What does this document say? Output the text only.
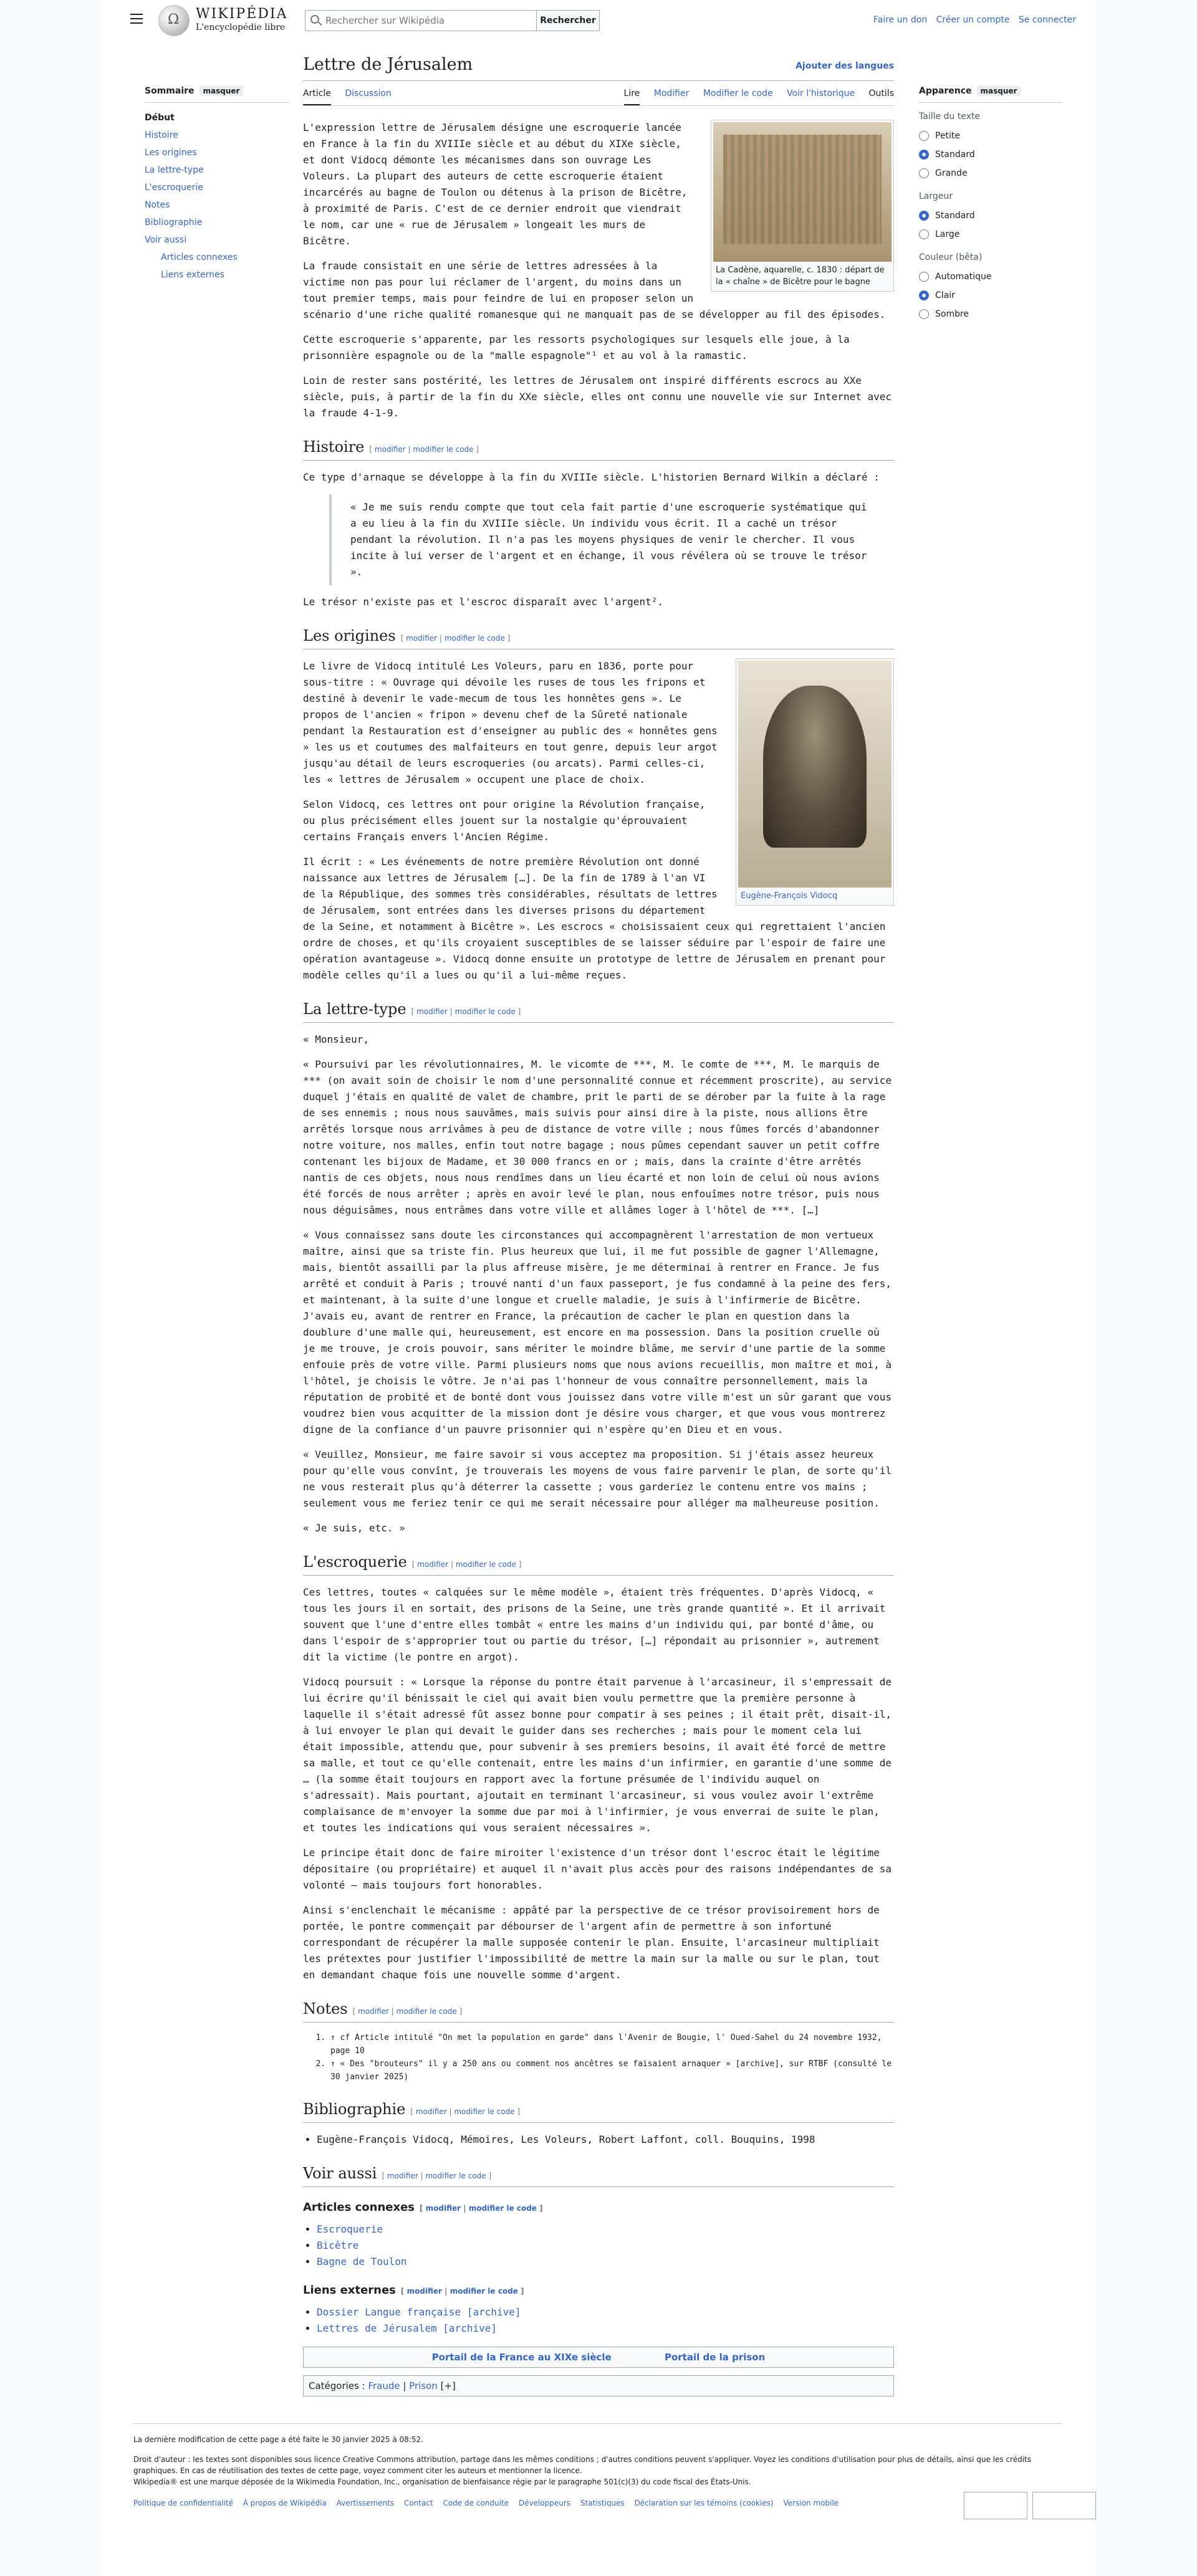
Ω
WIKIPÉDIA
L'encyclopédie libre
Rechercher sur Wikipédia	Rechercher	Faire un don Créer un compte Se connecter
Sommaire masquer
Début
Histoire
Les origines
La lettre-type
L'escroquerie
Notes
Bibliographie
Voir aussi
Articles connexes
Liens externes
Apparence masquer
Taille du texte
Petite
Standard
Grande
Largeur
Standard
Large
Couleur (bêta)
Automatique
Clair
Sombre
Lettre de Jérusalem	Ajouter des langues
Article Discussion	Lire Modifier Modifier le code Voir l'historique Outils
La Cadène, aquarelle, c. 1830 : départ de la « chaîne » de Bicêtre pour le bagne

L'expression lettre de Jérusalem désigne une escroquerie lancée en France à la fin du XVIIIe siècle et au début du XIXe siècle, et dont Vidocq démonte les mécanismes dans son ouvrage Les Voleurs. La plupart des auteurs de cette escroquerie étaient incarcérés au bagne de Toulon ou détenus à la prison de Bicêtre, à proximité de Paris. C'est de ce dernier endroit que viendrait le nom, car une « rue de Jérusalem » longeait les murs de Bicêtre.

La fraude consistait en une série de lettres adressées à la victime non pas pour lui réclamer de l'argent, du moins dans un tout premier temps, mais pour feindre de lui en proposer selon un scénario d'une riche qualité romanesque qui ne manquait pas de se développer au fil des épisodes.

Cette escroquerie s'apparente, par les ressorts psychologiques sur lesquels elle joue, à la prisonnière espagnole ou de la "malle espagnole"¹ et au vol à la ramastic.

Loin de rester sans postérité, les lettres de Jérusalem ont inspiré différents escrocs au XXe siècle, puis, à partir de la fin du XXe siècle, elles ont connu une nouvelle vie sur Internet avec la fraude 4-1-9.

Histoire [ modifier | modifier le code ]

Ce type d'arnaque se développe à la fin du XVIIIe siècle. L'historien Bernard Wilkin a déclaré :

« Je me suis rendu compte que tout cela fait partie d'une escroquerie systématique qui a eu lieu à la fin du XVIIIe siècle. Un individu vous écrit. Il a caché un trésor pendant la révolution. Il n'a pas les moyens physiques de venir le chercher. Il vous incite à lui verser de l'argent et en échange, il vous révélera où se trouve le trésor ».

Le trésor n'existe pas et l'escroc disparaît avec l'argent².

Les origines [ modifier | modifier le code ]
Eugène-François Vidocq

Le livre de Vidocq intitulé Les Voleurs, paru en 1836, porte pour sous-titre : « Ouvrage qui dévoile les ruses de tous les fripons et destiné à devenir le vade-mecum de tous les honnêtes gens ». Le propos de l'ancien « fripon » devenu chef de la Sûreté nationale pendant la Restauration est d'enseigner au public des « honnêtes gens » les us et coutumes des malfaiteurs en tout genre, depuis leur argot jusqu'au détail de leurs escroqueries (ou arcats). Parmi celles-ci, les « lettres de Jérusalem » occupent une place de choix.

Selon Vidocq, ces lettres ont pour origine la Révolution française, ou plus précisément elles jouent sur la nostalgie qu'éprouvaient certains Français envers l'Ancien Régime.

Il écrit : « Les événements de notre première Révolution ont donné naissance aux lettres de Jérusalem […]. De la fin de 1789 à l'an VI de la République, des sommes très considérables, résultats de lettres de Jérusalem, sont entrées dans les diverses prisons du département de la Seine, et notamment à Bicêtre ». Les escrocs « choisissaient ceux qui regrettaient l'ancien ordre de choses, et qu'ils croyaient susceptibles de se laisser séduire par l'espoir de faire une opération avantageuse ». Vidocq donne ensuite un prototype de lettre de Jérusalem en prenant pour modèle celles qu'il a lues ou qu'il a lui-même reçues.

La lettre-type [ modifier | modifier le code ]

« Monsieur,

« Poursuivi par les révolutionnaires, M. le vicomte de ***, M. le comte de ***, M. le marquis de *** (on avait soin de choisir le nom d'une personnalité connue et récemment proscrite), au service duquel j'étais en qualité de valet de chambre, prit le parti de se dérober par la fuite à la rage de ses ennemis ; nous nous sauvâmes, mais suivis pour ainsi dire à la piste, nous allions être arrêtés lorsque nous arrivâmes à peu de distance de votre ville ; nous fûmes forcés d'abandonner notre voiture, nos malles, enfin tout notre bagage ; nous pûmes cependant sauver un petit coffre contenant les bijoux de Madame, et 30 000 francs en or ; mais, dans la crainte d'être arrêtés nantis de ces objets, nous nous rendîmes dans un lieu écarté et non loin de celui où nous avions été forcés de nous arrêter ; après en avoir levé le plan, nous enfouîmes notre trésor, puis nous nous déguisâmes, nous entrâmes dans votre ville et allâmes loger à l'hôtel de ***. […]

« Vous connaissez sans doute les circonstances qui accompagnèrent l'arrestation de mon vertueux maître, ainsi que sa triste fin. Plus heureux que lui, il me fut possible de gagner l'Allemagne, mais, bientôt assailli par la plus affreuse misère, je me déterminai à rentrer en France. Je fus arrêté et conduit à Paris ; trouvé nanti d'un faux passeport, je fus condamné à la peine des fers, et maintenant, à la suite d'une longue et cruelle maladie, je suis à l'infirmerie de Bicêtre. J'avais eu, avant de rentrer en France, la précaution de cacher le plan en question dans la doublure d'une malle qui, heureusement, est encore en ma possession. Dans la position cruelle où je me trouve, je crois pouvoir, sans mériter le moindre blâme, me servir d'une partie de la somme enfouie près de votre ville. Parmi plusieurs noms que nous avions recueillis, mon maître et moi, à l'hôtel, je choisis le vôtre. Je n'ai pas l'honneur de vous connaître personnellement, mais la réputation de probité et de bonté dont vous jouissez dans votre ville m'est un sûr garant que vous voudrez bien vous acquitter de la mission dont je désire vous charger, et que vous vous montrerez digne de la confiance d'un pauvre prisonnier qui n'espère qu'en Dieu et en vous.

« Veuillez, Monsieur, me faire savoir si vous acceptez ma proposition. Si j'étais assez heureux pour qu'elle vous convînt, je trouverais les moyens de vous faire parvenir le plan, de sorte qu'il ne vous resterait plus qu'à déterrer la cassette ; vous garderiez le contenu entre vos mains ; seulement vous me feriez tenir ce qui me serait nécessaire pour alléger ma malheureuse position.

« Je suis, etc. »

L'escroquerie [ modifier | modifier le code ]

Ces lettres, toutes « calquées sur le même modèle », étaient très fréquentes. D'après Vidocq, « tous les jours il en sortait, des prisons de la Seine, une très grande quantité ». Et il arrivait souvent que l'une d'entre elles tombât « entre les mains d'un individu qui, par bonté d'âme, ou dans l'espoir de s'approprier tout ou partie du trésor, […] répondait au prisonnier », autrement dit la victime (le pontre en argot).

Vidocq poursuit : « Lorsque la réponse du pontre était parvenue à l'arcasineur, il s'empressait de lui écrire qu'il bénissait le ciel qui avait bien voulu permettre que la première personne à laquelle il s'était adressé fût assez bonne pour compatir à ses peines ; il était prêt, disait-il, à lui envoyer le plan qui devait le guider dans ses recherches ; mais pour le moment cela lui était impossible, attendu que, pour subvenir à ses premiers besoins, il avait été forcé de mettre sa malle, et tout ce qu'elle contenait, entre les mains d'un infirmier, en garantie d'une somme de … (la somme était toujours en rapport avec la fortune présumée de l'individu auquel on s'adressait). Mais pourtant, ajoutait en terminant l'arcasineur, si vous voulez avoir l'extrême complaisance de m'envoyer la somme due par moi à l'infirmier, je vous enverrai de suite le plan, et toutes les indications qui vous seraient nécessaires ».

Le principe était donc de faire miroiter l'existence d'un trésor dont l'escroc était le légitime dépositaire (ou propriétaire) et auquel il n'avait plus accès pour des raisons indépendantes de sa volonté – mais toujours fort honorables.

Ainsi s'enclenchait le mécanisme : appâté par la perspective de ce trésor provisoirement hors de portée, le pontre commençait par débourser de l'argent afin de permettre à son infortuné correspondant de récupérer la malle supposée contenir le plan. Ensuite, l'arcasineur multipliait les prétextes pour justifier l'impossibilité de mettre la main sur la malle ou sur le plan, tout en demandant chaque fois une nouvelle somme d'argent.

Notes [ modifier | modifier le code ]
1. ↑ cf Article intitulé "On met la population en garde" dans l'Avenir de Bougie, l' Oued-Sahel du 24 novembre 1932, page 10
2. ↑ « Des "brouteurs" il y a 250 ans ou comment nos ancêtres se faisaient arnaquer » [archive], sur RTBF (consulté le 30 janvier 2025)
Bibliographie [ modifier | modifier le code ]
• Eugène-François Vidocq, Mémoires, Les Voleurs, Robert Laffont, coll. Bouquins, 1998
Voir aussi [ modifier | modifier le code ]
Articles connexes [ modifier | modifier le code ]
• Escroquerie
• Bicêtre
• Bagne de Toulon
Liens externes [ modifier | modifier le code ]
• Dossier Langue française [archive]
• Lettres de Jérusalem [archive]
Portail de la France au XIXe siècle	Portail de la prison
Catégories : Fraude | Prison [+]
La dernière modification de cette page a été faite le 30 janvier 2025 à 08:52.
Droit d'auteur : les textes sont disponibles sous licence Creative Commons attribution, partage dans les mêmes conditions ; d'autres conditions peuvent s'appliquer. Voyez les conditions d'utilisation pour plus de détails, ainsi que les crédits graphiques. En cas de réutilisation des textes de cette page, voyez comment citer les auteurs et mentionner la licence.
Wikipedia® est une marque déposée de la Wikimedia Foundation, Inc., organisation de bienfaisance régie par le paragraphe 501(c)(3) du code fiscal des États-Unis.
Politique de confidentialité À propos de Wikipédia Avertissements Contact Code de conduite Développeurs Statistiques Déclaration sur les témoins (cookies) Version mobile
